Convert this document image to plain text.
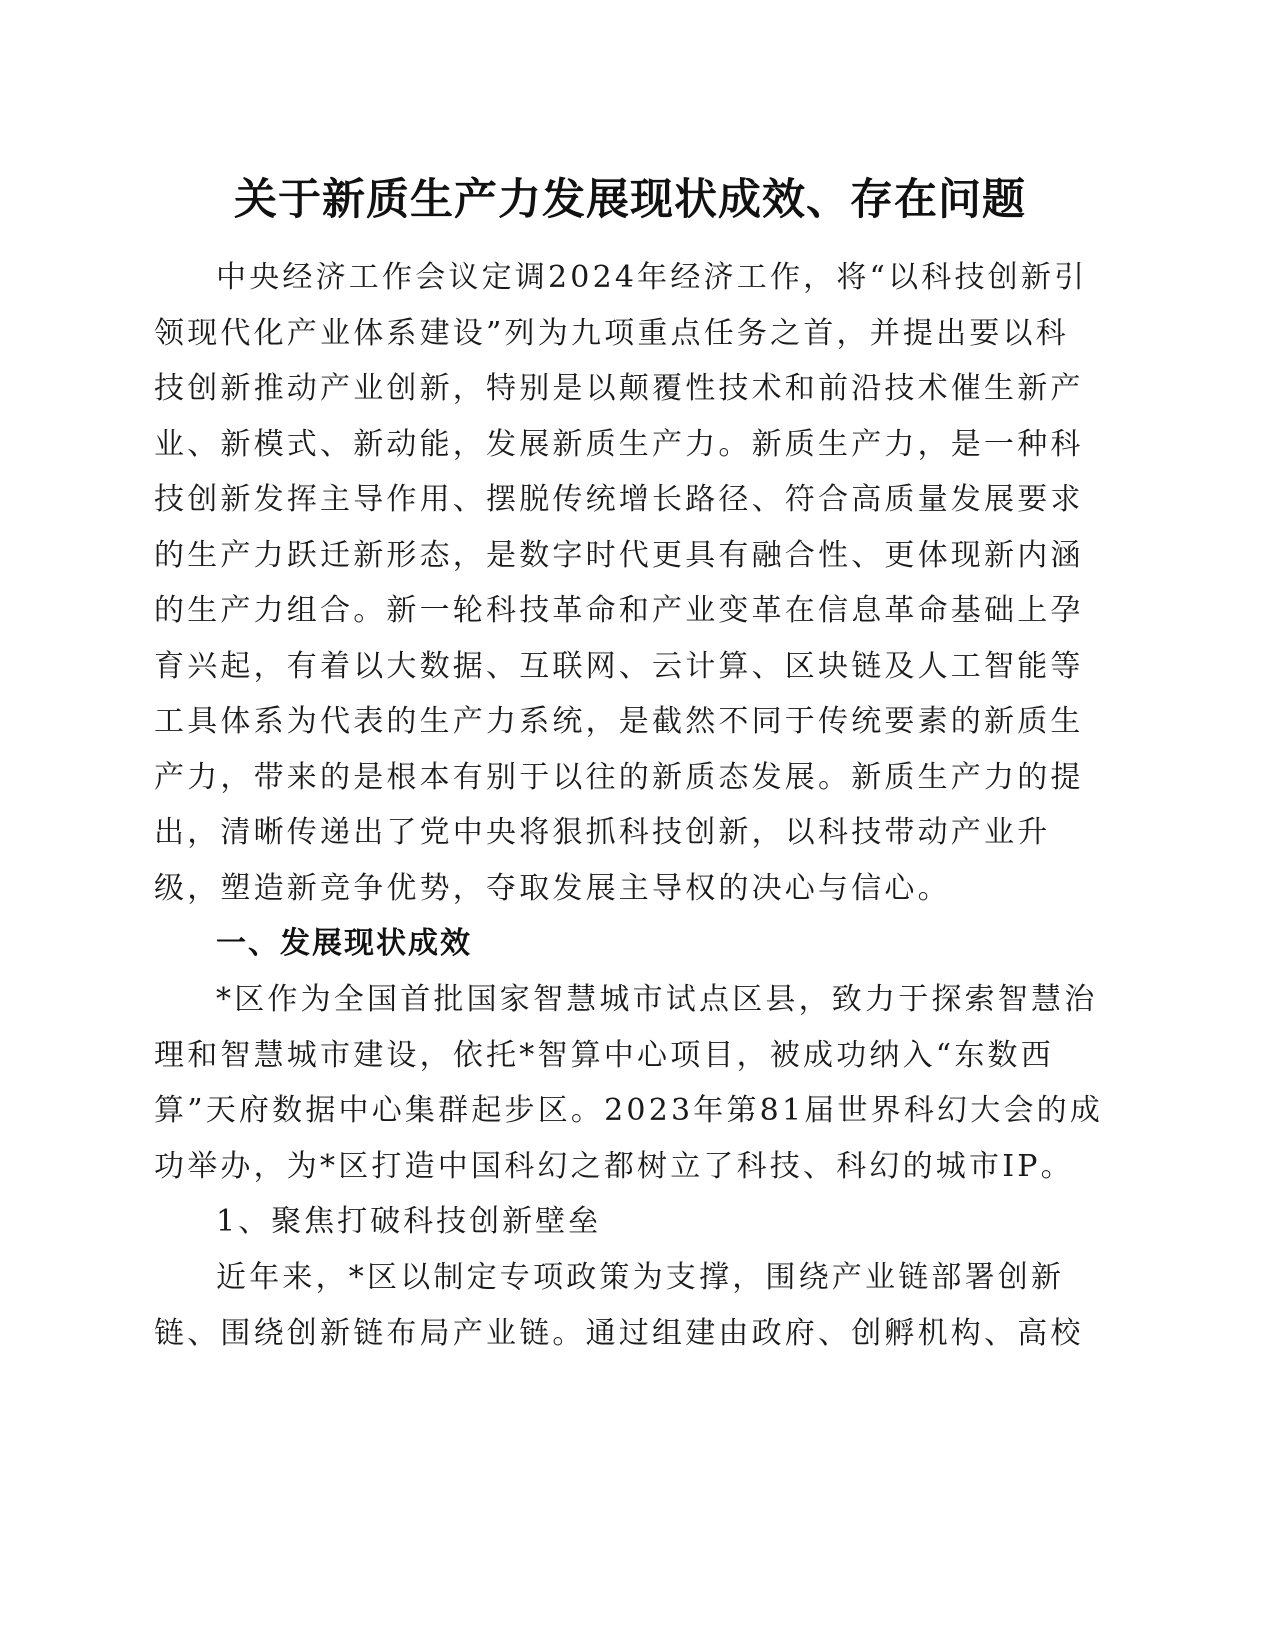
关于新质生产力发展现状成效、存在问题
中央经济工作会议定调2024年经济工作，将“以科技创新引
领现代化产业体系建设”列为九项重点任务之首，并提出要以科
技创新推动产业创新，特别是以颠覆性技术和前沿技术催生新产
业、新模式、新动能，发展新质生产力。新质生产力，是一种科
技创新发挥主导作用、摆脱传统增长路径、符合高质量发展要求
的生产力跃迁新形态，是数字时代更具有融合性、更体现新内涵
的生产力组合。新一轮科技革命和产业变革在信息革命基础上孕
育兴起，有着以大数据、互联网、云计算、区块链及人工智能等
工具体系为代表的生产力系统，是截然不同于传统要素的新质生
产力，带来的是根本有别于以往的新质态发展。新质生产力的提
出，清晰传递出了党中央将狠抓科技创新，以科技带动产业升
级，塑造新竞争优势，夺取发展主导权的决心与信心。
一、发展现状成效
*区作为全国首批国家智慧城市试点区县，致力于探索智慧治
理和智慧城市建设，依托*智算中心项目，被成功纳入“东数西
算”天府数据中心集群起步区。2023年第81届世界科幻大会的成
功举办，为*区打造中国科幻之都树立了科技、科幻的城市IP。
1、聚焦打破科技创新壁垒
近年来，*区以制定专项政策为支撑，围绕产业链部署创新
链、围绕创新链布局产业链。通过组建由政府、创孵机构、高校
